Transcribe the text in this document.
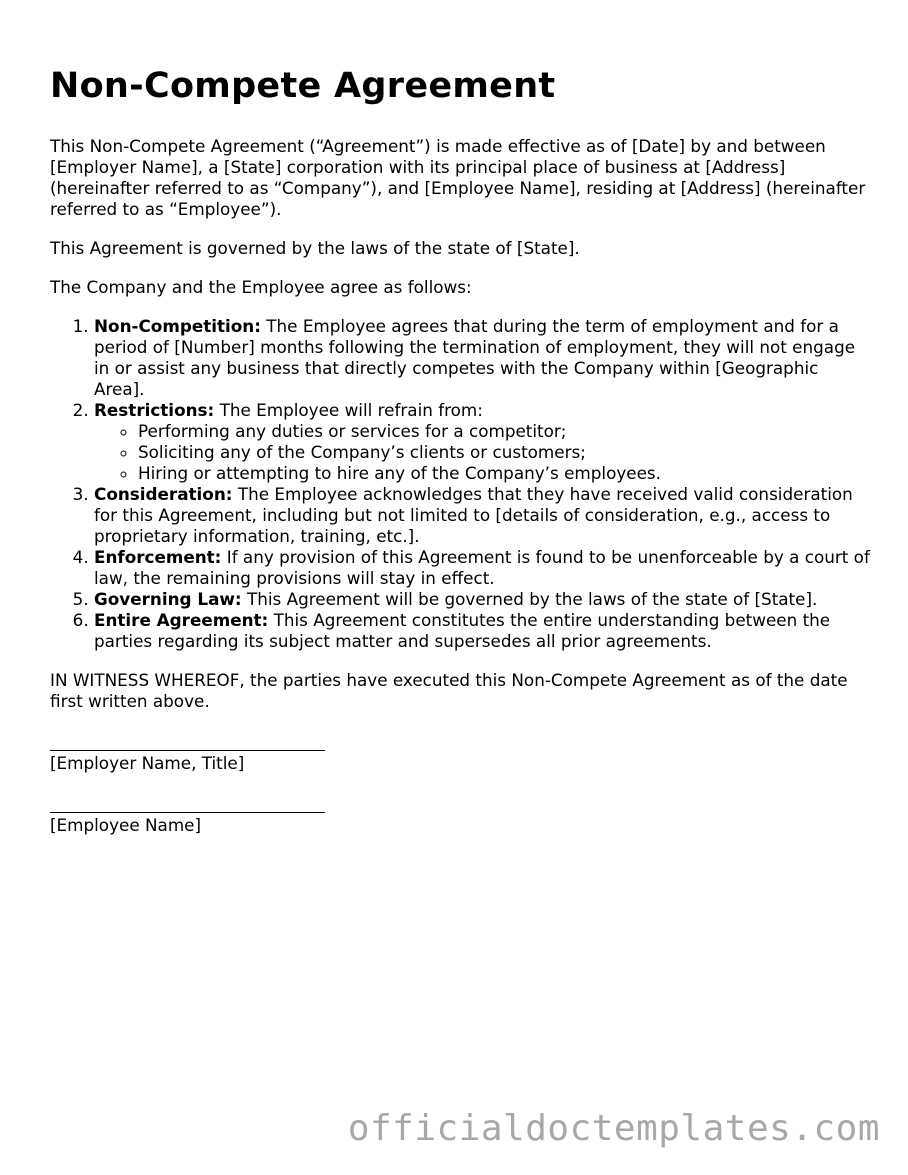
Non-Compete Agreement

This Non-Compete Agreement (“Agreement”) is made effective as of [Date] by and between [Employer Name], a [State] corporation with its principal place of business at [Address] (hereinafter referred to as “Company”), and [Employee Name], residing at [Address] (hereinafter referred to as “Employee”).

This Agreement is governed by the laws of the state of [State].

The Company and the Employee agree as follows:

1. Non-Competition: The Employee agrees that during the term of employment and for a period of [Number] months following the termination of employment, they will not engage in or assist any business that directly competes with the Company within [Geographic Area].
2. Restrictions: The Employee will refrain from:
◦ Performing any duties or services for a competitor;
◦ Soliciting any of the Company’s clients or customers;
◦ Hiring or attempting to hire any of the Company’s employees.
3. Consideration: The Employee acknowledges that they have received valid consideration for this Agreement, including but not limited to [details of consideration, e.g., access to proprietary information, training, etc.].
4. Enforcement: If any provision of this Agreement is found to be unenforceable by a court of law, the remaining provisions will stay in effect.
5. Governing Law: This Agreement will be governed by the laws of the state of [State].
6. Entire Agreement: This Agreement constitutes the entire understanding between the parties regarding its subject matter and supersedes all prior agreements.

IN WITNESS WHEREOF, the parties have executed this Non-Compete Agreement as of the date first written above.

[Employer Name, Title]
[Employee Name]
officialdoctemplates.com
